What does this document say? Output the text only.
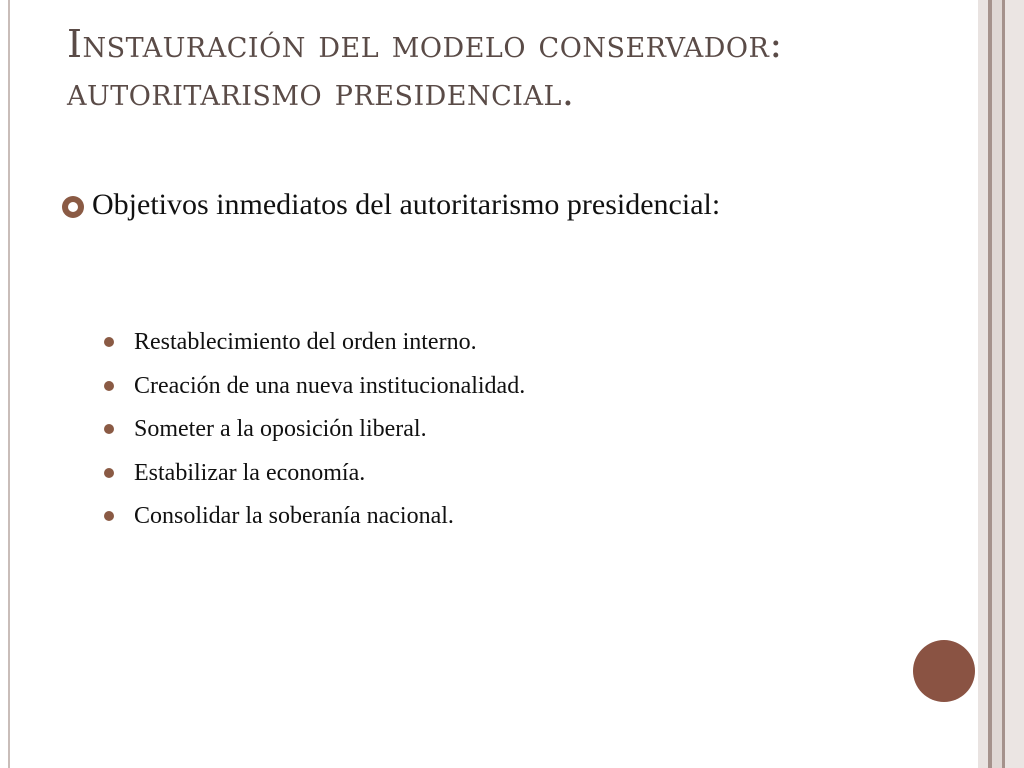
Instauración del modelo conservador:
autoritarismo presidencial.
Objetivos inmediatos del autoritarismo presidencial:
Restablecimiento del orden interno.
Creación de una nueva institucionalidad.
Someter a la oposición liberal.
Estabilizar la economía.
Consolidar la soberanía nacional.
